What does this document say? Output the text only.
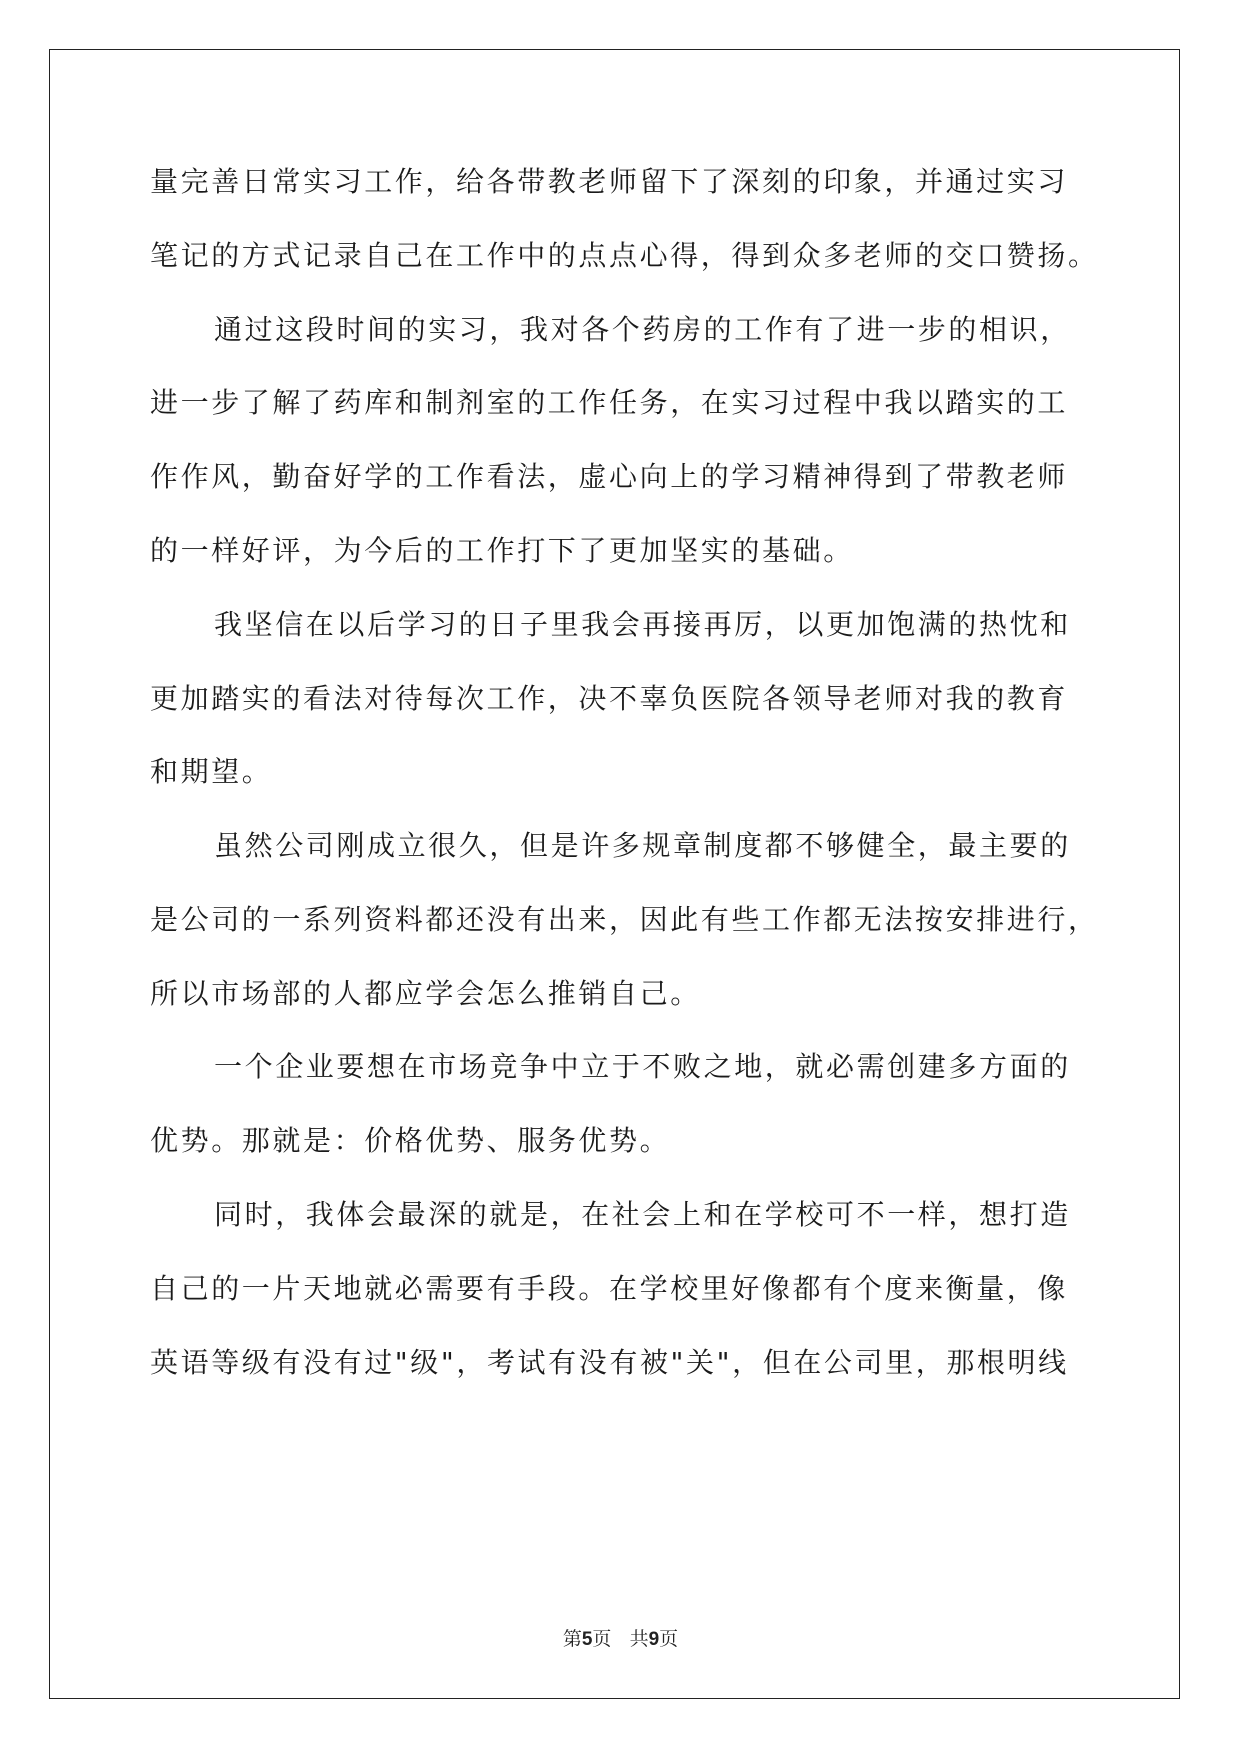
量完善日常实习工作，给各带教老师留下了深刻的印象，并通过实习
笔记的方式记录自己在工作中的点点心得，得到众多老师的交口赞扬。
通过这段时间的实习，我对各个药房的工作有了进一步的相识，
进一步了解了药库和制剂室的工作任务，在实习过程中我以踏实的工
作作风，勤奋好学的工作看法，虚心向上的学习精神得到了带教老师
的一样好评，为今后的工作打下了更加坚实的基础。
我坚信在以后学习的日子里我会再接再厉，以更加饱满的热忱和
更加踏实的看法对待每次工作，决不辜负医院各领导老师对我的教育
和期望。
虽然公司刚成立很久，但是许多规章制度都不够健全，最主要的
是公司的一系列资料都还没有出来，因此有些工作都无法按安排进行，
所以市场部的人都应学会怎么推销自己。
一个企业要想在市场竞争中立于不败之地，就必需创建多方面的
优势。那就是：价格优势、服务优势。
同时，我体会最深的就是，在社会上和在学校可不一样，想打造
自己的一片天地就必需要有手段。在学校里好像都有个度来衡量，像
英语等级有没有过"级"，考试有没有被"关"，但在公司里，那根明线
第5页 共9页
